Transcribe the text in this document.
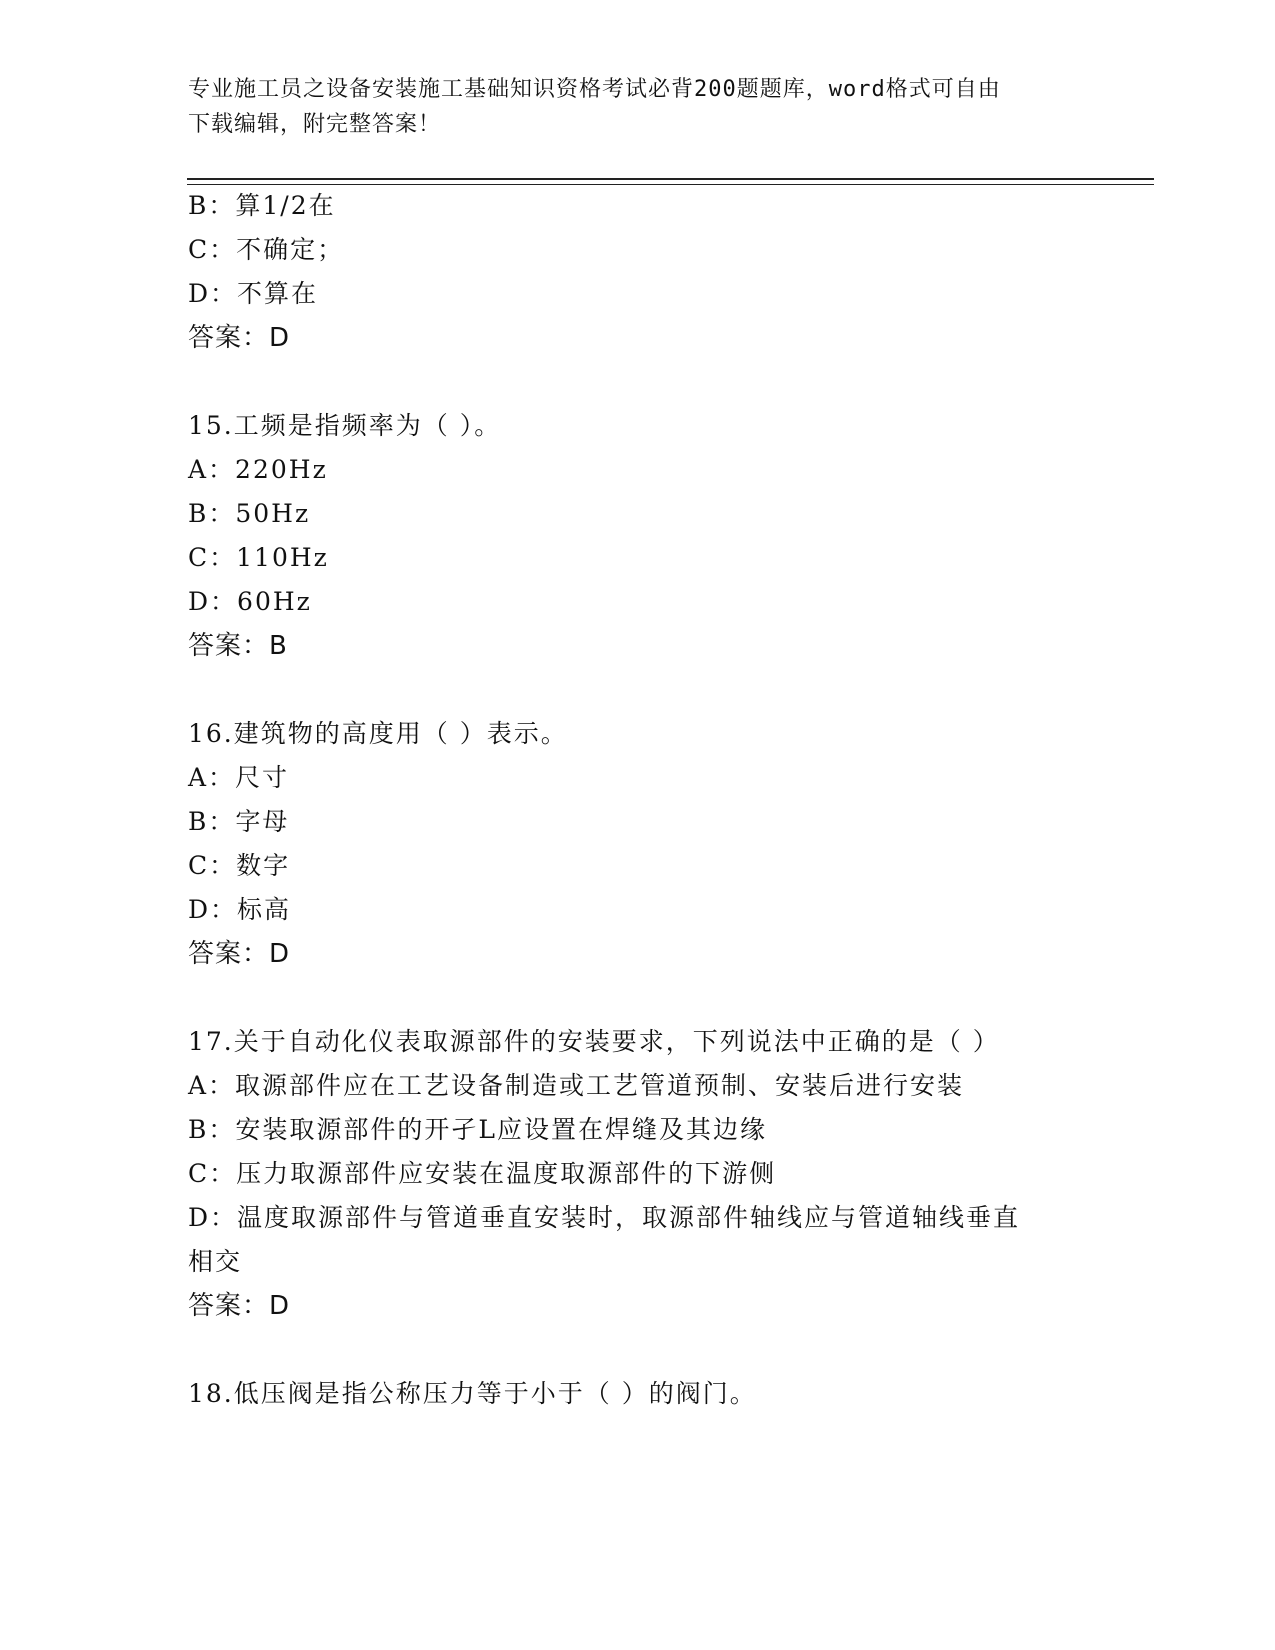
专业施工员之设备安装施工基础知识资格考试必背200题题库，word格式可自由
下载编辑，附完整答案！
B：算1/2在
C：不确定；
D：不算在
答案：D
15.工频是指频率为（ ）。
A：220Hz
B：50Hz
C：110Hz
D：60Hz
答案：B
16.建筑物的高度用（ ）表示。
A：尺寸
B：字母
C：数字
D：标高
答案：D
17.关于自动化仪表取源部件的安装要求，下列说法中正确的是（ ）
A：取源部件应在工艺设备制造或工艺管道预制、安装后进行安装
B：安装取源部件的开孑L应设置在焊缝及其边缘
C：压力取源部件应安装在温度取源部件的下游侧
D：温度取源部件与管道垂直安装时，取源部件轴线应与管道轴线垂直
相交
答案：D
18.低压阀是指公称压力等于小于（ ）的阀门。
